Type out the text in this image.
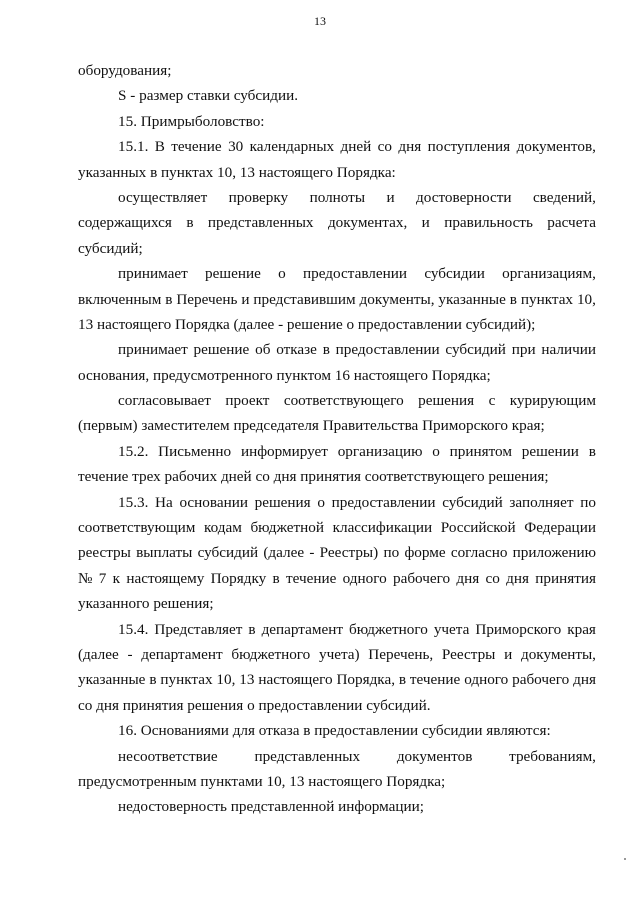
13
оборудования;
S - размер ставки субсидии.
15. Примрыболовство:
15.1. В течение 30 календарных дней со дня поступления документов,
указанных в пунктах 10, 13 настоящего Порядка:
осуществляет проверку полноты и достоверности сведений,
содержащихся в представленных документах, и правильность расчета
субсидий;
принимает решение о предоставлении субсидии организациям,
включенным в Перечень и представившим документы, указанные в пунктах 10,
13 настоящего Порядка (далее - решение о предоставлении субсидий);
принимает решение об отказе в предоставлении субсидий при наличии
основания, предусмотренного пунктом 16 настоящего Порядка;
согласовывает проект соответствующего решения с курирующим
(первым) заместителем председателя Правительства Приморского края;
15.2. Письменно информирует организацию о принятом решении в
течение трех рабочих дней со дня принятия соответствующего решения;
15.3. На основании решения о предоставлении субсидий заполняет по
соответствующим кодам бюджетной классификации Российской Федерации
реестры выплаты субсидий (далее - Реестры) по форме согласно приложению
№ 7 к настоящему Порядку в течение одного рабочего дня со дня принятия
указанного решения;
15.4. Представляет в департамент бюджетного учета Приморского края
(далее - департамент бюджетного учета) Перечень, Реестры и документы,
указанные в пунктах 10, 13 настоящего Порядка, в течение одного рабочего дня
со дня принятия решения о предоставлении субсидий.
16. Основаниями для отказа в предоставлении субсидии являются:
несоответствие представленных документов требованиям,
предусмотренным пунктами 10, 13 настоящего Порядка;
недостоверность представленной информации;
